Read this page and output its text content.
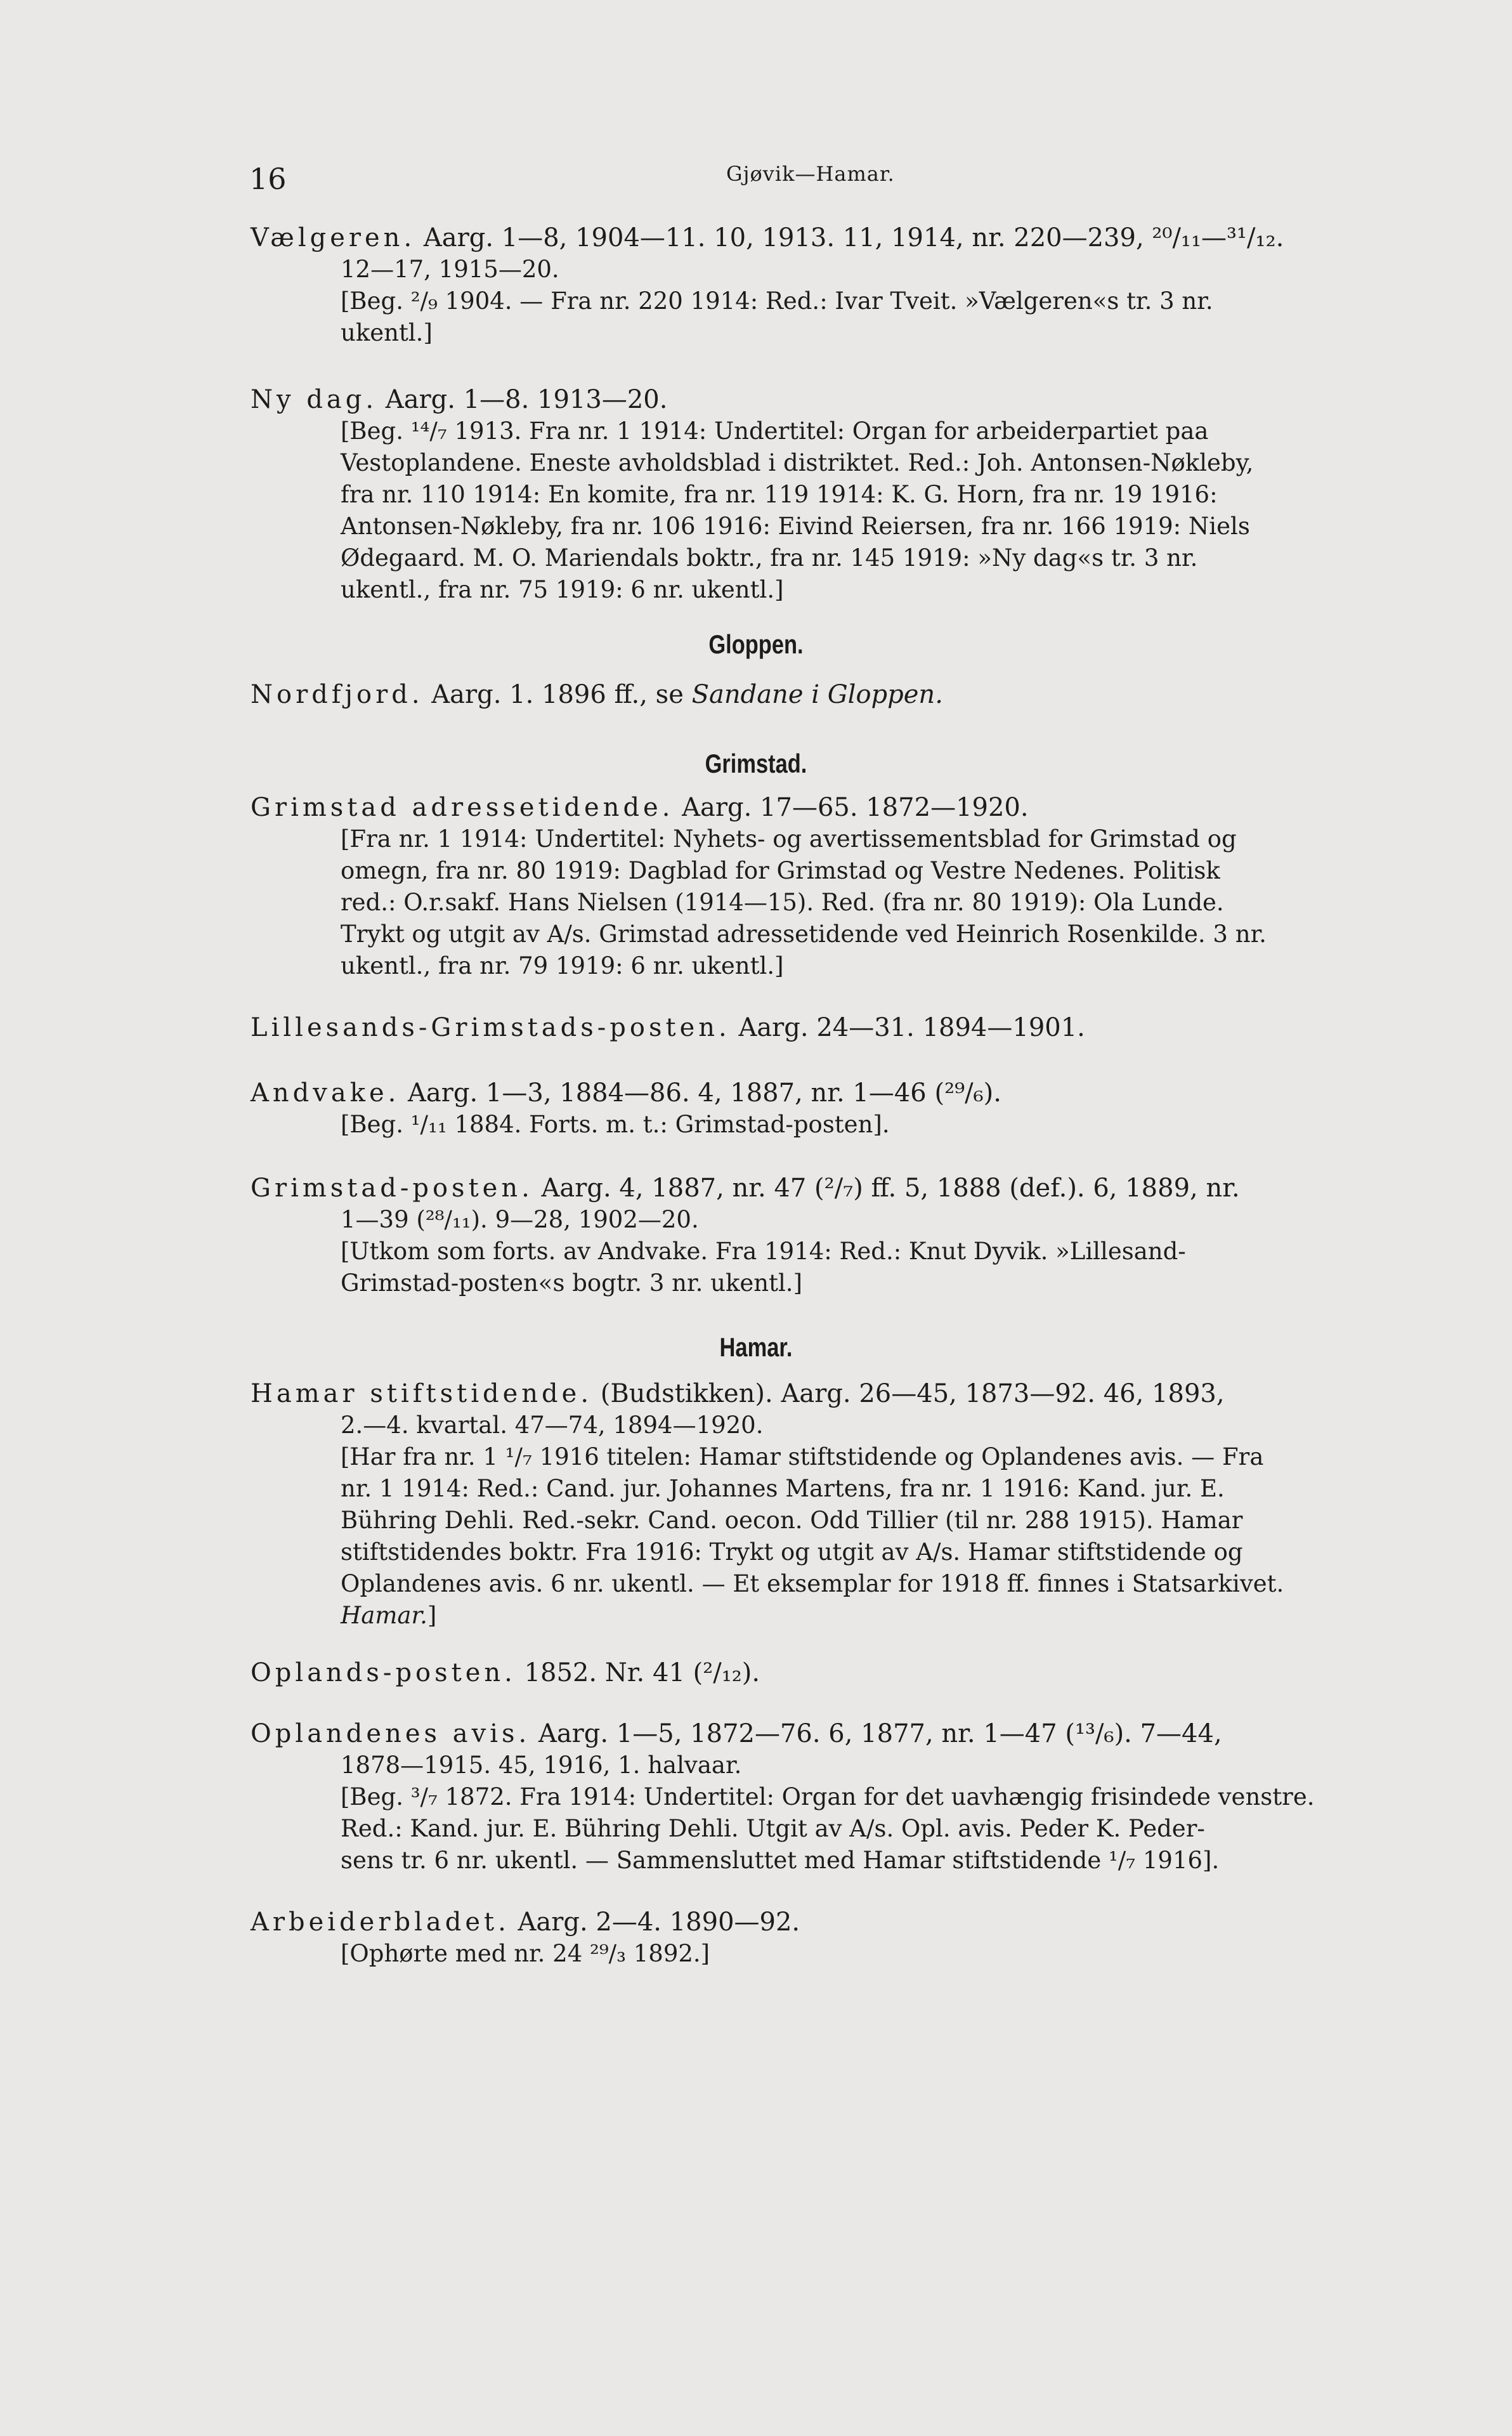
16	Gjøvik—Hamar.
Gloppen.
Grimstad.
Hamar.
Vælgeren. Aarg. 1—8, 1904—11. 10, 1913. 11, 1914, nr. 220—239, ²⁰/₁₁—³¹/₁₂.
12—17, 1915—20.
[Beg. ²/₉ 1904. — Fra nr. 220 1914: Red.: Ivar Tveit. »Vælgeren«s tr. 3 nr.
ukentl.]
Ny dag. Aarg. 1—8. 1913—20.
[Beg. ¹⁴/₇ 1913. Fra nr. 1 1914: Undertitel: Organ for arbeiderpartiet paa
Vestoplandene. Eneste avholdsblad i distriktet. Red.: Joh. Antonsen-Nøkleby,
fra nr. 110 1914: En komite, fra nr. 119 1914: K. G. Horn, fra nr. 19 1916:
Antonsen-Nøkleby, fra nr. 106 1916: Eivind Reiersen, fra nr. 166 1919: Niels
Ødegaard. M. O. Mariendals boktr., fra nr. 145 1919: »Ny dag«s tr. 3 nr.
ukentl., fra nr. 75 1919: 6 nr. ukentl.]
Nordfjord. Aarg. 1. 1896 ff., se Sandane i Gloppen.
Grimstad adressetidende. Aarg. 17—65. 1872—1920.
[Fra nr. 1 1914: Undertitel: Nyhets- og avertissementsblad for Grimstad og
omegn, fra nr. 80 1919: Dagblad for Grimstad og Vestre Nedenes. Politisk
red.: O.r.sakf. Hans Nielsen (1914—15). Red. (fra nr. 80 1919): Ola Lunde.
Trykt og utgit av A/s. Grimstad adressetidende ved Heinrich Rosenkilde. 3 nr.
ukentl., fra nr. 79 1919: 6 nr. ukentl.]
Lillesands-Grimstads-posten. Aarg. 24—31. 1894—1901.
Andvake. Aarg. 1—3, 1884—86. 4, 1887, nr. 1—46 (²⁹/₆).
[Beg. ¹/₁₁ 1884. Forts. m. t.: Grimstad-posten].
Grimstad-posten. Aarg. 4, 1887, nr. 47 (²/₇) ff. 5, 1888 (def.). 6, 1889, nr.
1—39 (²⁸/₁₁). 9—28, 1902—20.
[Utkom som forts. av Andvake. Fra 1914: Red.: Knut Dyvik. »Lillesand-
Grimstad-posten«s bogtr. 3 nr. ukentl.]
Hamar stiftstidende. (Budstikken). Aarg. 26—45, 1873—92. 46, 1893,
2.—4. kvartal. 47—74, 1894—1920.
[Har fra nr. 1 ¹/₇ 1916 titelen: Hamar stiftstidende og Oplandenes avis. — Fra
nr. 1 1914: Red.: Cand. jur. Johannes Martens, fra nr. 1 1916: Kand. jur. E.
Bühring Dehli. Red.-sekr. Cand. oecon. Odd Tillier (til nr. 288 1915). Hamar
stiftstidendes boktr. Fra 1916: Trykt og utgit av A/s. Hamar stiftstidende og
Oplandenes avis. 6 nr. ukentl. — Et eksemplar for 1918 ff. finnes i Statsarkivet.
Hamar.]
Oplands-posten. 1852. Nr. 41 (²/₁₂).
Oplandenes avis. Aarg. 1—5, 1872—76. 6, 1877, nr. 1—47 (¹³/₆). 7—44,
1878—1915. 45, 1916, 1. halvaar.
[Beg. ³/₇ 1872. Fra 1914: Undertitel: Organ for det uavhængig frisindede venstre.
Red.: Kand. jur. E. Bühring Dehli. Utgit av A/s. Opl. avis. Peder K. Peder-
sens tr. 6 nr. ukentl. — Sammensluttet med Hamar stiftstidende ¹/₇ 1916].
Arbeiderbladet. Aarg. 2—4. 1890—92.
[Ophørte med nr. 24 ²⁹/₃ 1892.]
